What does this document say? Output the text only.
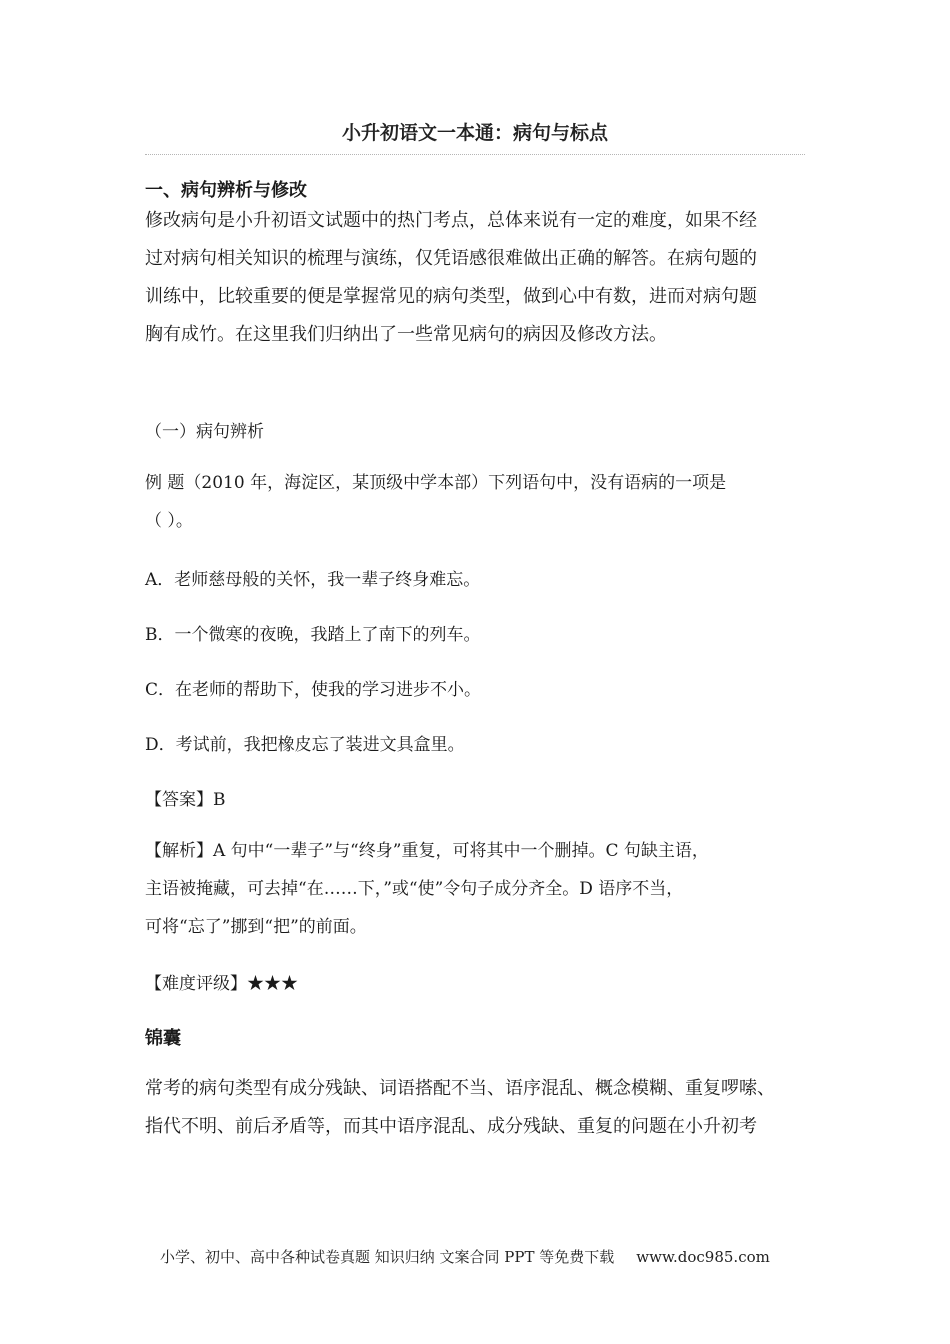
小升初语文一本通：病句与标点
一、病句辨析与修改
修改病句是小升初语文试题中的热门考点，总体来说有一定的难度，如果不经
过对病句相关知识的梳理与演练，仅凭语感很难做出正确的解答。在病句题的
训练中，比较重要的便是掌握常见的病句类型，做到心中有数，进而对病句题
胸有成竹。在这里我们归纳出了一些常见病句的病因及修改方法。
（一）病句辨析
例 题（2010 年，海淀区，某顶级中学本部）下列语句中，没有语病的一项是
（ ）。
A．老师慈母般的关怀，我一辈子终身难忘。
B．一个微寒的夜晚，我踏上了南下的列车。
C．在老师的帮助下，使我的学习进步不小。
D．考试前，我把橡皮忘了装进文具盒里。
【答案】B
【解析】A 句中“一辈子”与“终身”重复，可将其中一个删掉。C 句缺主语，
主语被掩藏，可去掉“在……下，”或“使”令句子成分齐全。D 语序不当，
可将“忘了”挪到“把”的前面。
【难度评级】★★★
锦囊
常考的病句类型有成分残缺、词语搭配不当、语序混乱、概念模糊、重复啰嗦、
指代不明、前后矛盾等，而其中语序混乱、成分残缺、重复的问题在小升初考
小学、初中、高中各种试卷真题 知识归纳 文案合同 PPT 等免费下载 www.doc985.com
